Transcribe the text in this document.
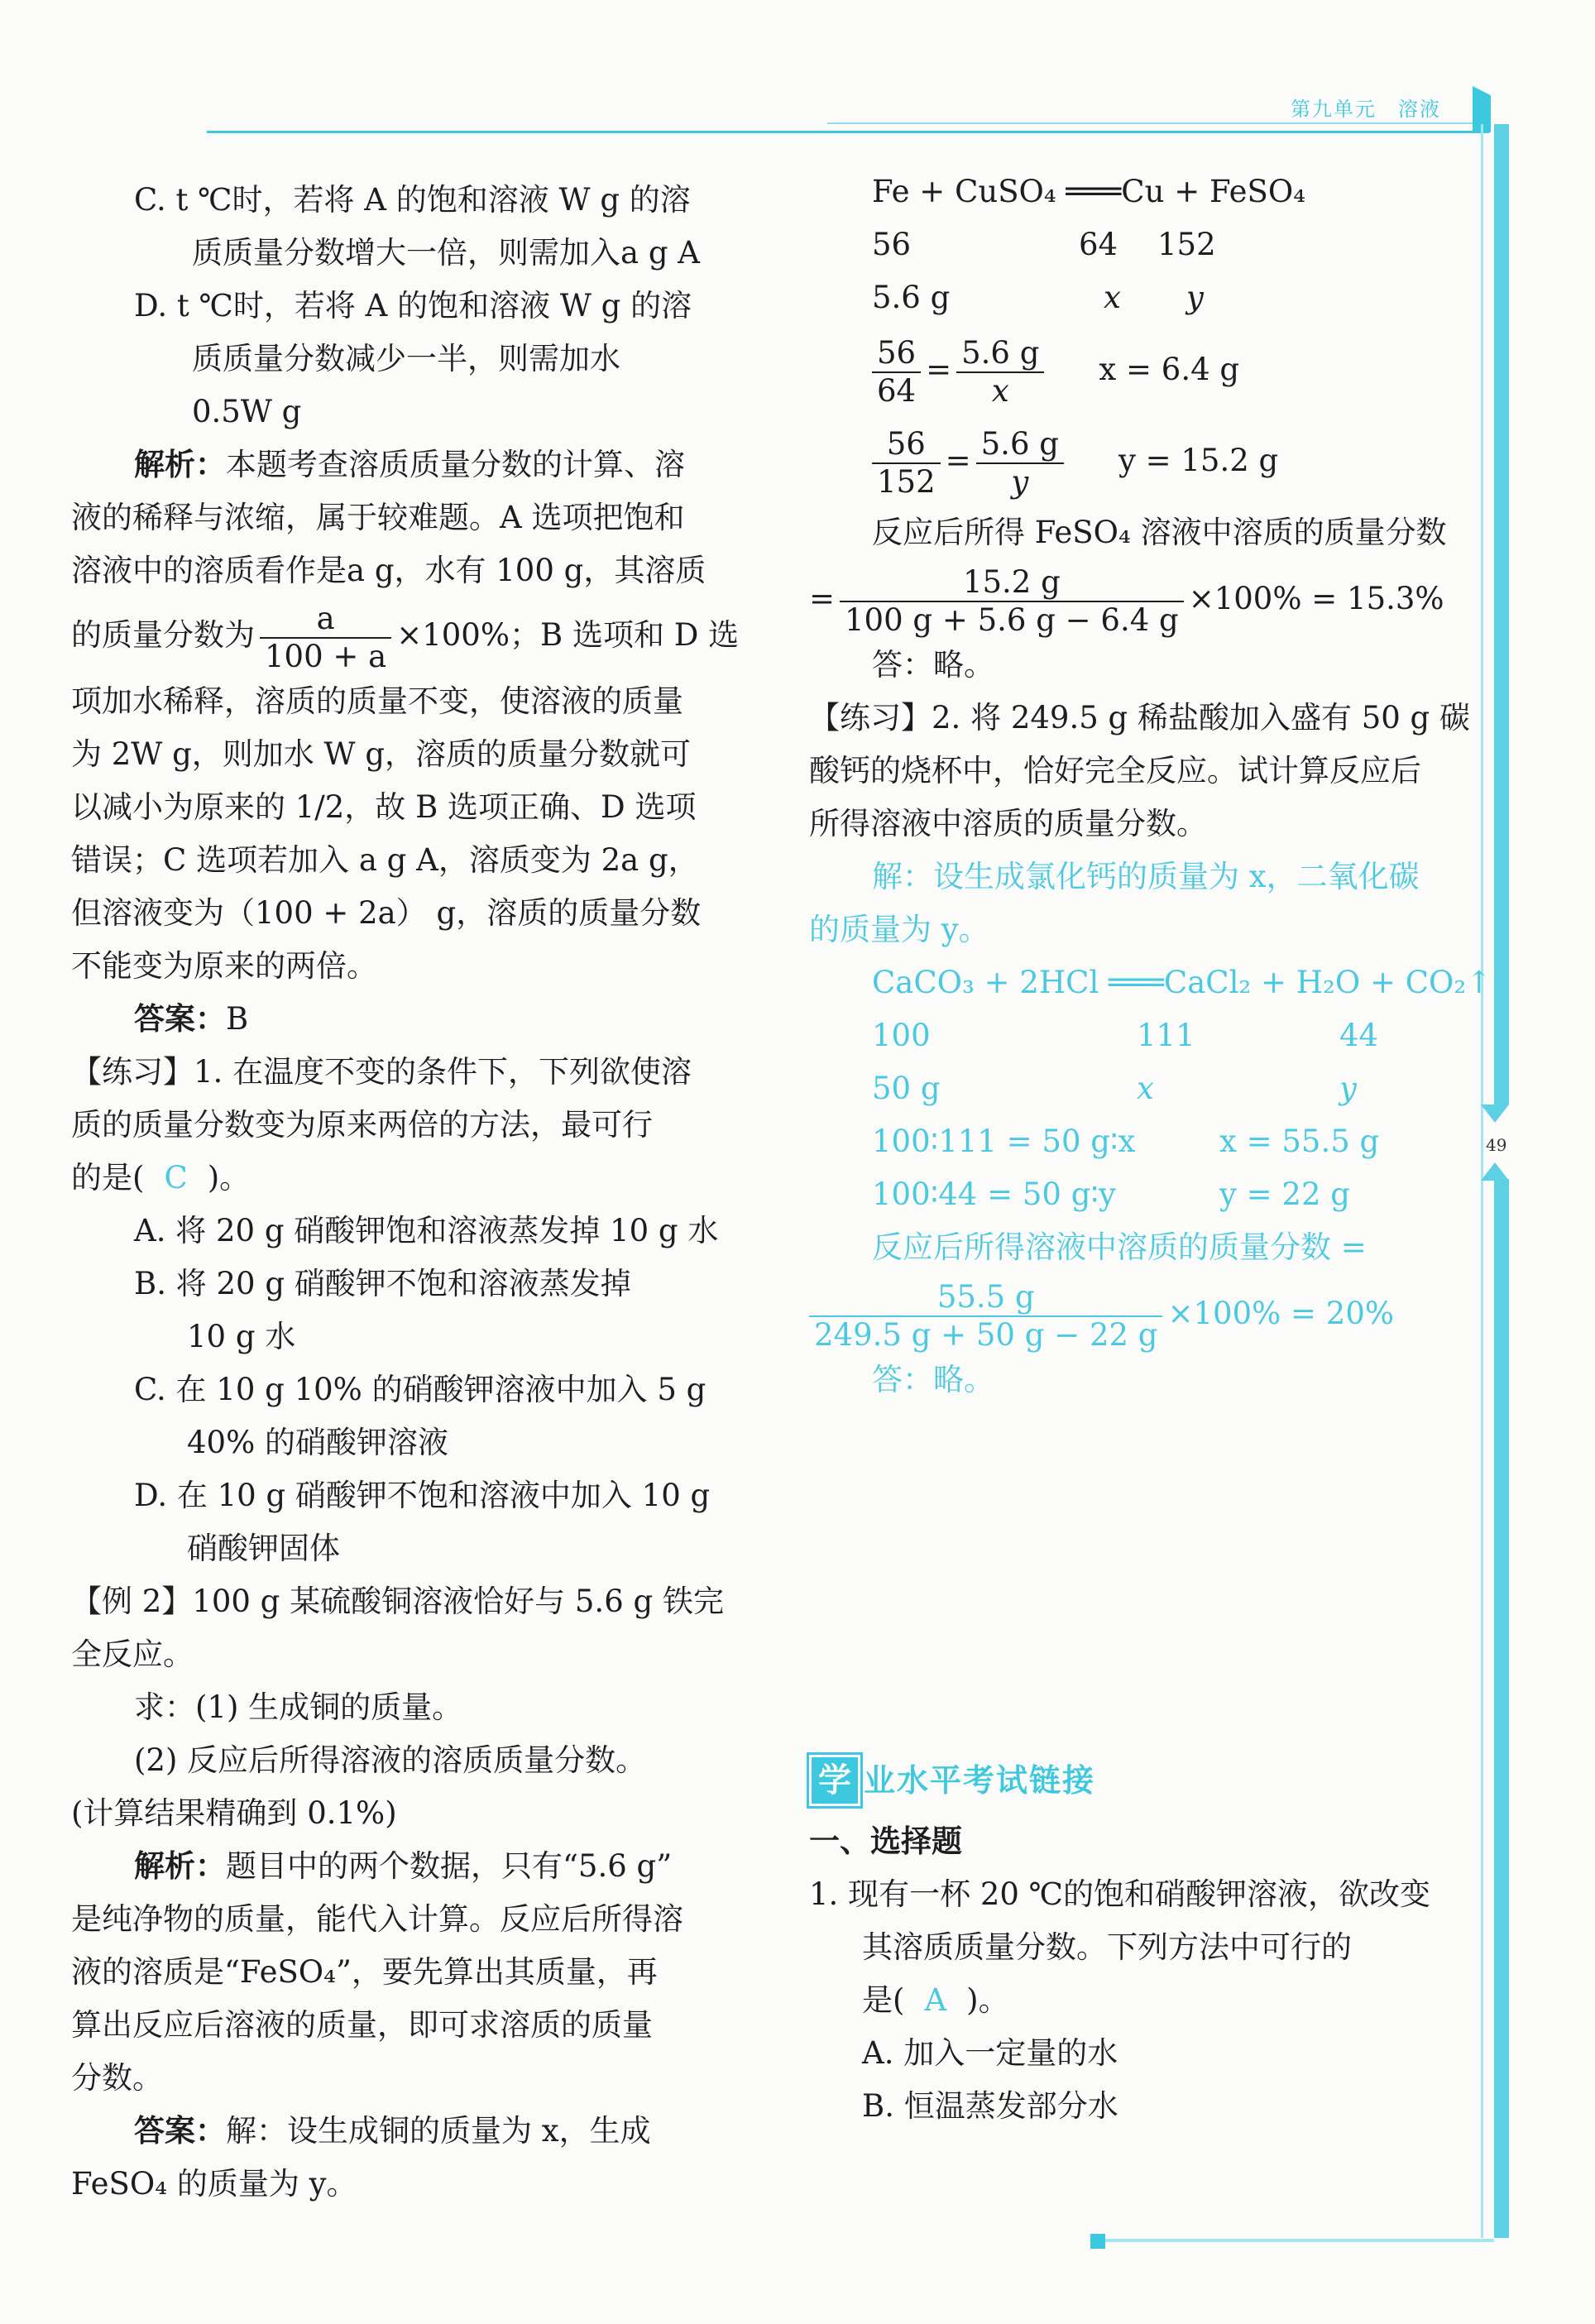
第九单元　溶液
49

C. t ℃时，若将 A 的饱和溶液 W g 的溶

质质量分数增大一倍，则需加入a g A

D. t ℃时，若将 A 的饱和溶液 W g 的溶

质质量分数减少一半，则需加水

0.5W g

解析：本题考查溶质质量分数的计算、溶

液的稀释与浓缩，属于较难题。A 选项把饱和

溶液中的溶质看作是a g，水有 100 g，其溶质

的质量分数为 $\frac{a}{100 + a} \times 100\%$；B 选项和 D 选

项加水稀释，溶质的质量不变，使溶液的质量

为 2W g，则加水 W g，溶质的质量分数就可

以减小为原来的 1/2，故 B 选项正确、D 选项

错误；C 选项若加入 a g A，溶质变为 2a g，

但溶液变为（100 + 2a） g，溶质的质量分数

不能变为原来的两倍。

答案：B

【练习】1. 在温度不变的条件下，下列欲使溶

质的质量分数变为原来两倍的方法，最可行

的是( C )。

A. 将 20 g 硝酸钾饱和溶液蒸发掉 10 g 水

B. 将 20 g 硝酸钾不饱和溶液蒸发掉

10 g 水

C. 在 10 g 10% 的硝酸钾溶液中加入 5 g

40% 的硝酸钾溶液

D. 在 10 g 硝酸钾不饱和溶液中加入 10 g

硝酸钾固体

【例 2】100 g 某硫酸铜溶液恰好与 5.6 g 铁完

全反应。

求：(1) 生成铜的质量。

(2) 反应后所得溶液的溶质质量分数。

(计算结果精确到 0.1%)

解析：题目中的两个数据，只有“5.6 g”

是纯净物的质量，能代入计算。反应后所得溶

液的溶质是“FeSO₄”，要先算出其质量，再

算出反应后溶液的质量，即可求溶质的质量

分数。

答案：解：设生成铜的质量为 x，生成

FeSO₄ 的质量为 y。

Fe + CuSO₄ ═══Cu + FeSO₄

56	64	152
5.6 g	x	y

$\frac{56}{64} = \frac{5.6 g}{x}$ x = 6.4 g

$\frac{56}{152} = \frac{5.6 g}{y}$ y = 15.2 g

反应后所得 FeSO₄ 溶液中溶质的质量分数

= $\frac{15.2 g}{100 g + 5.6 g - 6.4 g} \times 100\% = 15.3\%$

答：略。

【练习】2. 将 249.5 g 稀盐酸加入盛有 50 g 碳

酸钙的烧杯中，恰好完全反应。试计算反应后

所得溶液中溶质的质量分数。

解：设生成氯化钙的质量为 x，二氧化碳

的质量为 y。

CaCO₃ + 2HCl ═══CaCl₂ + H₂O + CO₂↑

100	111	44
50 g	x	y
100∶111 = 50 g∶x	x = 55.5 g
100∶44 = 50 g∶y	y = 22 g

反应后所得溶液中溶质的质量分数 =

$\frac{55.5 g}{249.5 g + 50 g - 22 g} \times 100\% = 20\%$

答：略。

学 业水平考试链接

一、选择题

1. 现有一杯 20 ℃的饱和硝酸钾溶液，欲改变

其溶质质量分数。下列方法中可行的

是( A )。

A. 加入一定量的水

B. 恒温蒸发部分水
